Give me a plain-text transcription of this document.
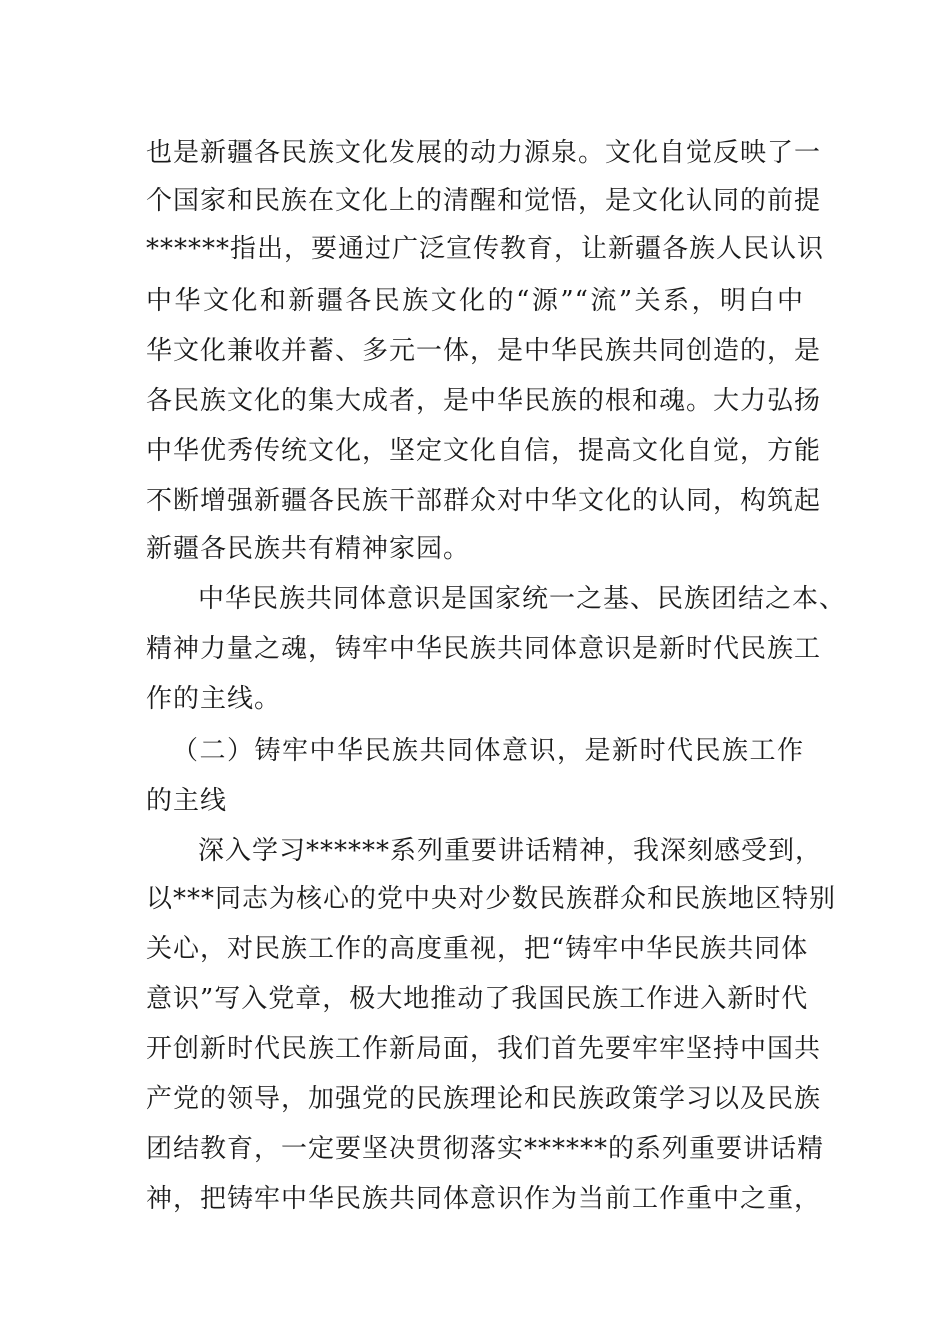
也是新疆各民族文化发展的动力源泉。文化自觉反映了一
个国家和民族在文化上的清醒和觉悟，是文化认同的前提
******指出，要通过广泛宣传教育，让新疆各族人民认识
中华文化和新疆各民族文化的“源”“流”关系，明白中
华文化兼收并蓄、多元一体，是中华民族共同创造的，是
各民族文化的集大成者，是中华民族的根和魂。大力弘扬
中华优秀传统文化，坚定文化自信，提高文化自觉，方能
不断增强新疆各民族干部群众对中华文化的认同，构筑起
新疆各民族共有精神家园。
中华民族共同体意识是国家统一之基、民族团结之本、
精神力量之魂，铸牢中华民族共同体意识是新时代民族工
作的主线。
（二）铸牢中华民族共同体意识，是新时代民族工作
的主线
深入学习******系列重要讲话精神，我深刻感受到，
以***同志为核心的党中央对少数民族群众和民族地区特别
关心，对民族工作的高度重视，把“铸牢中华民族共同体
意识”写入党章，极大地推动了我国民族工作进入新时代
开创新时代民族工作新局面，我们首先要牢牢坚持中国共
产党的领导，加强党的民族理论和民族政策学习以及民族
团结教育，一定要坚决贯彻落实******的系列重要讲话精
神，把铸牢中华民族共同体意识作为当前工作重中之重，
